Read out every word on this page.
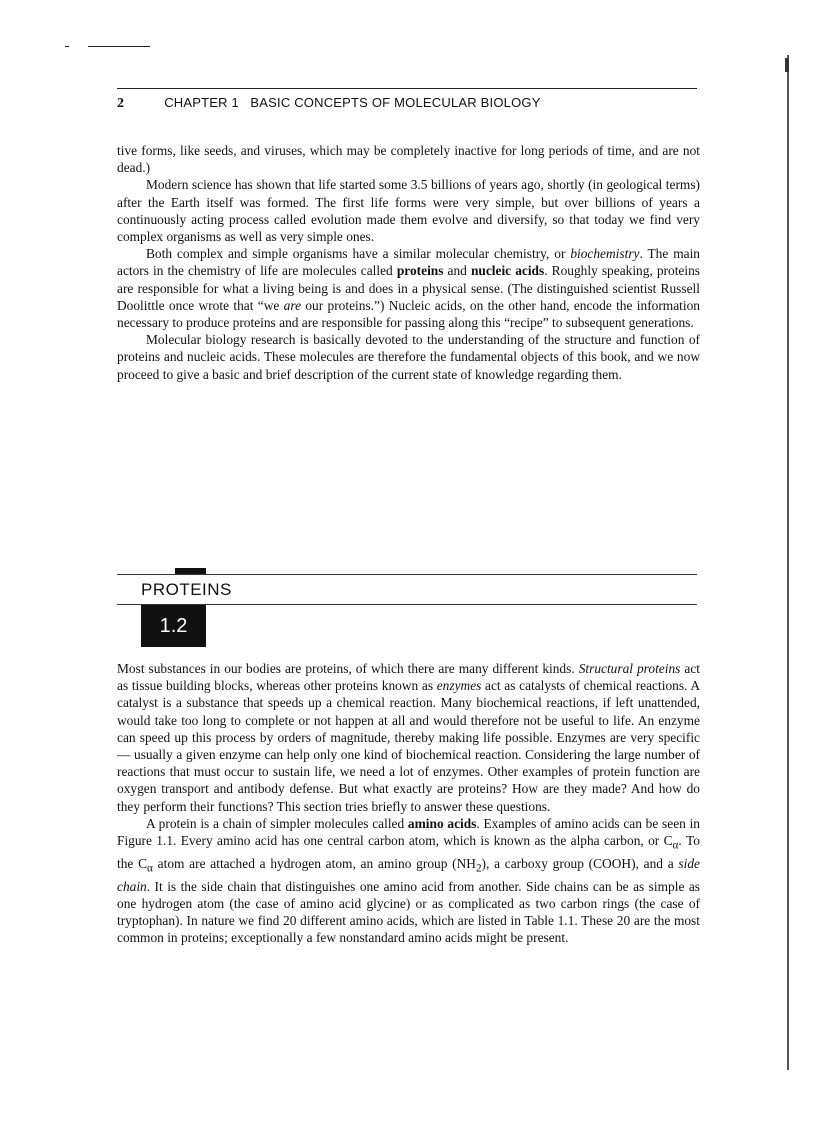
2	CHAPTER 1   BASIC CONCEPTS OF MOLECULAR BIOLOGY

tive forms, like seeds, and viruses, which may be completely inactive for long periods of time, and are not dead.)

Modern science has shown that life started some 3.5 billions of years ago, shortly (in geological terms) after the Earth itself was formed. The first life forms were very simple, but over billions of years a continuously acting process called evolution made them evolve and diversify, so that today we find very complex organisms as well as very simple ones.

Both complex and simple organisms have a similar molecular chemistry, or biochemistry. The main actors in the chemistry of life are molecules called proteins and nucleic acids. Roughly speaking, proteins are responsible for what a living being is and does in a physical sense. (The distinguished scientist Russell Doolittle once wrote that “we are our proteins.”) Nucleic acids, on the other hand, encode the information necessary to produce proteins and are responsible for passing along this “recipe” to subsequent generations.

Molecular biology research is basically devoted to the understanding of the structure and function of proteins and nucleic acids. These molecules are therefore the fundamental objects of this book, and we now proceed to give a basic and brief description of the current state of knowledge regarding them.

PROTEINS
1.2

Most substances in our bodies are proteins, of which there are many different kinds. Structural proteins act as tissue building blocks, whereas other proteins known as enzymes act as catalysts of chemical reactions. A catalyst is a substance that speeds up a chemical reaction. Many biochemical reactions, if left unattended, would take too long to complete or not happen at all and would therefore not be useful to life. An enzyme can speed up this process by orders of magnitude, thereby making life possible. Enzymes are very specific — usually a given enzyme can help only one kind of biochemical reaction. Considering the large number of reactions that must occur to sustain life, we need a lot of enzymes. Other examples of protein function are oxygen transport and antibody defense. But what exactly are proteins? How are they made? And how do they perform their functions? This section tries briefly to answer these questions.

A protein is a chain of simpler molecules called amino acids. Examples of amino acids can be seen in Figure 1.1. Every amino acid has one central carbon atom, which is known as the alpha carbon, or $C_\alpha$. To the $C_\alpha$ atom are attached a hydrogen atom, an amino group $(NH_2)$, a carboxy group (COOH), and a side chain. It is the side chain that distinguishes one amino acid from another. Side chains can be as simple as one hydrogen atom (the case of amino acid glycine) or as complicated as two carbon rings (the case of tryptophan). In nature we find 20 different amino acids, which are listed in Table 1.1. These 20 are the most common in proteins; exceptionally a few nonstandard amino acids might be present.
